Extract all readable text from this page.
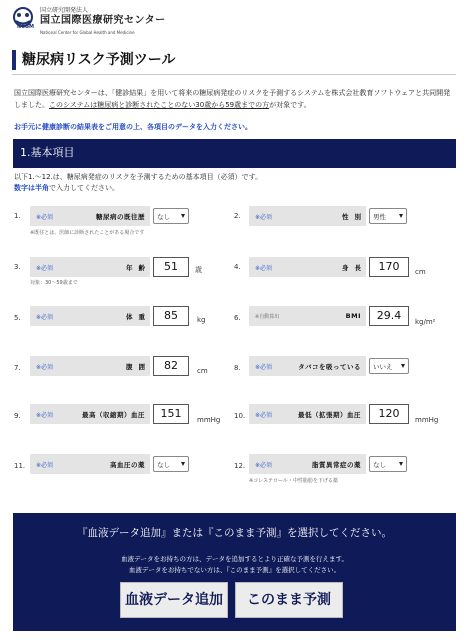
国立研究開発法人
国立国際医療研究センター
NCGM
National Center for Global Health and Medicine
糖尿病リスク予測ツール
国立国際医療研究センターは、「健診結果」を用いて将来の糖尿病発症のリスクを予測するシステムを株式会社教育ソフトウェアと共同開発しました。このシステムは糖尿病と診断されたことのない30歳から59歳までの方が対象です。
お手元に健康診断の結果表をご用意の上、各項目のデータを入力ください。
1.基本項目
以下1.～12.は、糖尿病発症のリスクを予測するための基本項目（必須）です。
数字は半角で入力してください。
1.	※必須	糖尿病の既往歴 なし
※既往とは、医師に診断されたことがある場合です
2. ※必須	性別 男性
3.	※必須	年齢	51	歳
対象：30～59歳まで
4. ※必須	身長	170	cm
5.	※必須	体重	85	kg	6.	※自動算出	BMI	29.4	kg/m²
7.	※必須	腹囲	82	cm	8. ※必須	タバコを吸っている いいえ
9.	※必須	最高（収縮期）血圧	151	mmHg 10. ※必須	最低（拡張期）血圧	120	mmHg
11. ※必須	高血圧の薬 なし	12. ※必須	脂質異常症の薬 なし
※コレステロール・中性脂肪を下げる薬
『血液データ追加』または『このまま予測』を選択してください。
血液データをお持ちの方は、データを追加するとより正確な予測を行えます。
血液データをお持ちでない方は、『このまま予測』を選択してください。
血液データ追加	このまま予測
